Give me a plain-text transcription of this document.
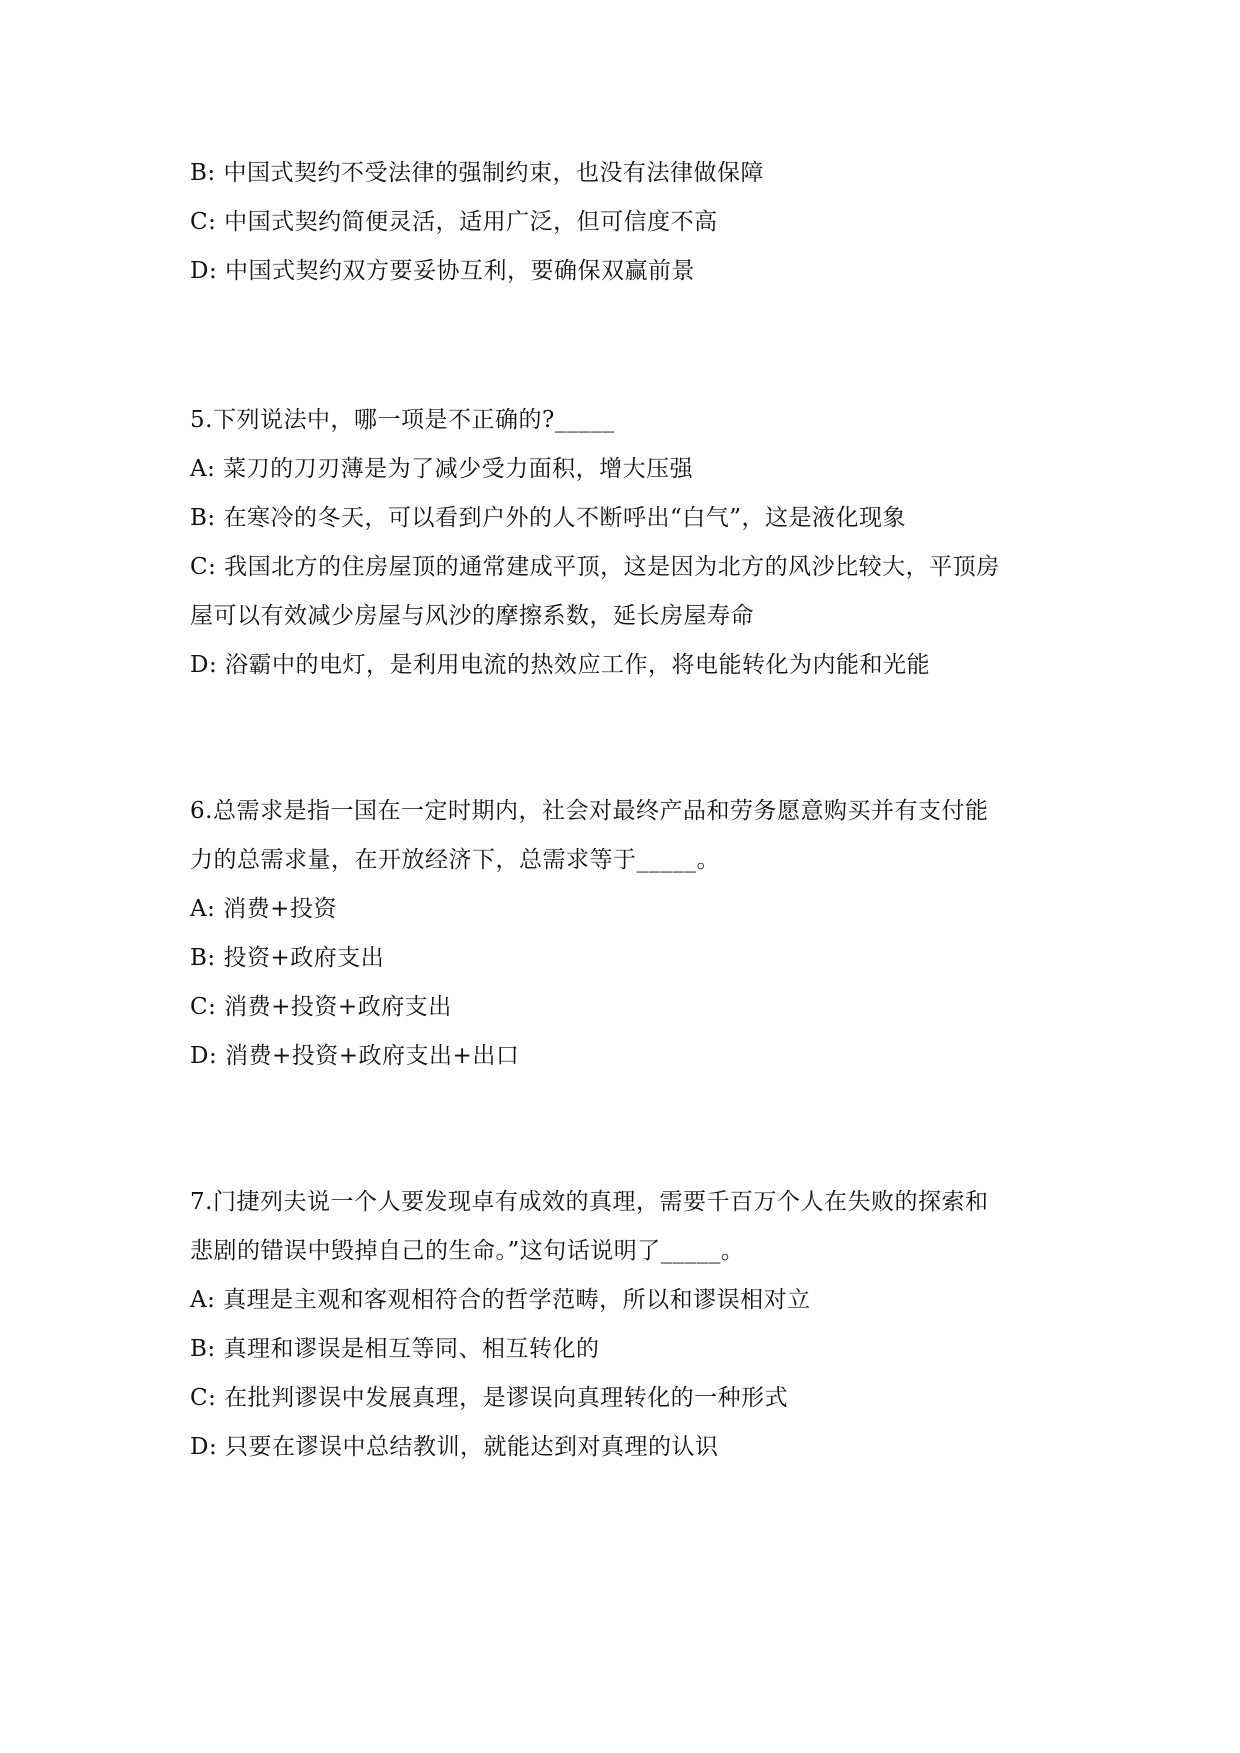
B: 中国式契约不受法律的强制约束，也没有法律做保障
C: 中国式契约简便灵活，适用广泛，但可信度不高
D: 中国式契约双方要妥协互利，要确保双赢前景
5.下列说法中，哪一项是不正确的?_____
A: 菜刀的刀刃薄是为了减少受力面积，增大压强
B: 在寒冷的冬天，可以看到户外的人不断呼出“白气”，这是液化现象
C: 我国北方的住房屋顶的通常建成平顶，这是因为北方的风沙比较大，平顶房
屋可以有效减少房屋与风沙的摩擦系数，延长房屋寿命
D: 浴霸中的电灯，是利用电流的热效应工作，将电能转化为内能和光能
6.总需求是指一国在一定时期内，社会对最终产品和劳务愿意购买并有支付能
力的总需求量，在开放经济下，总需求等于_____。
A: 消费+投资
B: 投资+政府支出
C: 消费+投资+政府支出
D: 消费+投资+政府支出+出口
7.门捷列夫说一个人要发现卓有成效的真理，需要千百万个人在失败的探索和
悲剧的错误中毁掉自己的生命。”这句话说明了_____。
A: 真理是主观和客观相符合的哲学范畴，所以和谬误相对立
B: 真理和谬误是相互等同、相互转化的
C: 在批判谬误中发展真理，是谬误向真理转化的一种形式
D: 只要在谬误中总结教训，就能达到对真理的认识
